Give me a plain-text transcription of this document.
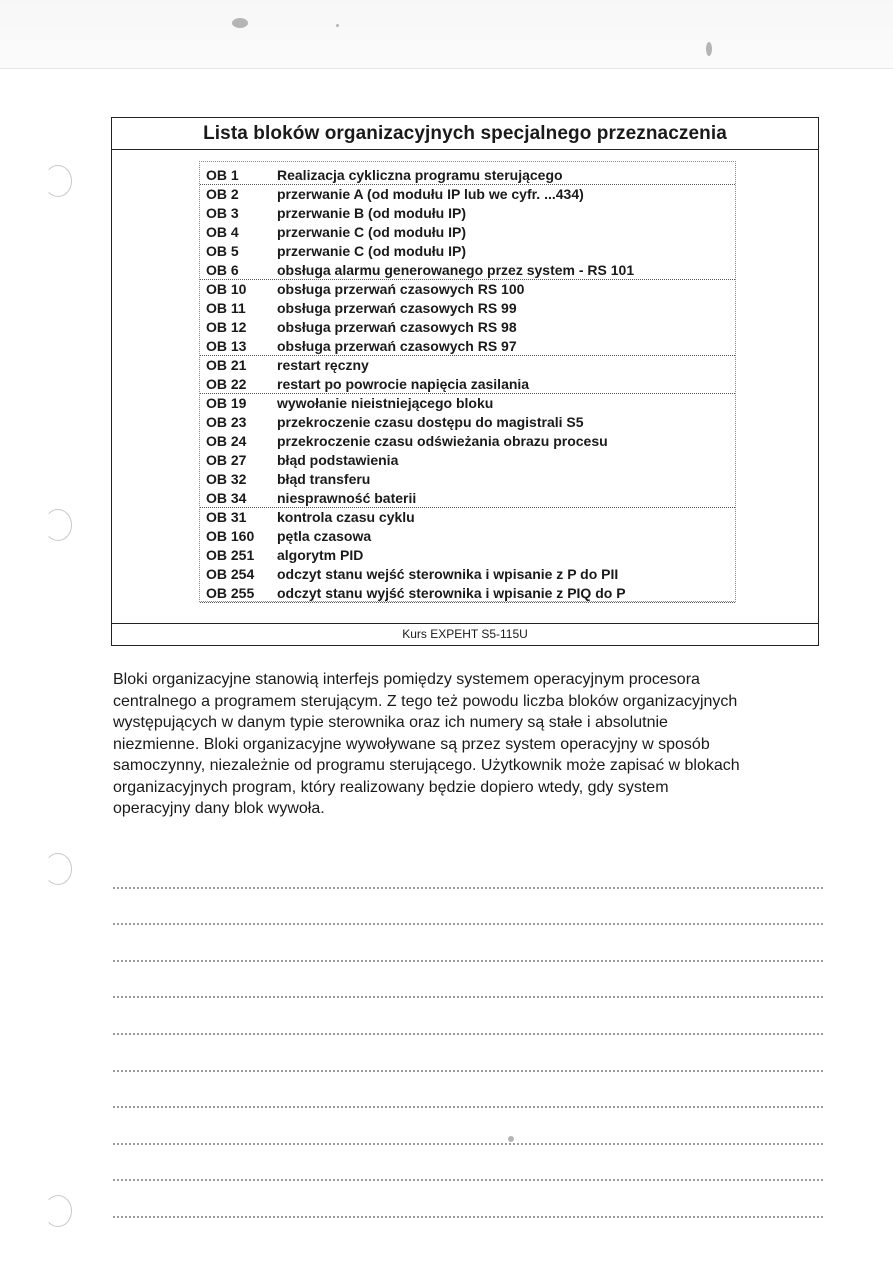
Lista bloków organizacyjnych specjalnego przeznaczenia
OB 1	Realizacja cykliczna programu sterującego
OB 2	przerwanie A (od modułu IP lub we cyfr. ...434)
OB 3	przerwanie B (od modułu IP)
OB 4	przerwanie C (od modułu IP)
OB 5	przerwanie C (od modułu IP)
OB 6	obsługa alarmu generowanego przez system - RS 101
OB 10	obsługa przerwań czasowych RS 100
OB 11	obsługa przerwań czasowych RS 99
OB 12	obsługa przerwań czasowych RS 98
OB 13	obsługa przerwań czasowych RS 97
OB 21	restart ręczny
OB 22	restart po powrocie napięcia zasilania
OB 19	wywołanie nieistniejącego bloku
OB 23	przekroczenie czasu dostępu do magistrali S5
OB 24	przekroczenie czasu odświeżania obrazu procesu
OB 27	błąd podstawienia
OB 32	błąd transferu
OB 34	niesprawność baterii
OB 31	kontrola czasu cyklu
OB 160	pętla czasowa
OB 251	algorytm PID
OB 254	odczyt stanu wejść sterownika i wpisanie z P do PII
OB 255	odczyt stanu wyjść sterownika i wpisanie z PIQ do P
Kurs EXPEHT S5-115U
Bloki organizacyjne stanowią interfejs pomiędzy systemem operacyjnym procesora
centralnego a programem sterującym. Z tego też powodu liczba bloków organizacyjnych
występujących w danym typie sterownika oraz ich numery są stałe i absolutnie
niezmienne. Bloki organizacyjne wywoływane są przez system operacyjny w sposób
samoczynny, niezależnie od programu sterującego. Użytkownik może zapisać w blokach
organizacyjnych program, który realizowany będzie dopiero wtedy, gdy system
operacyjny dany blok wywoła.
